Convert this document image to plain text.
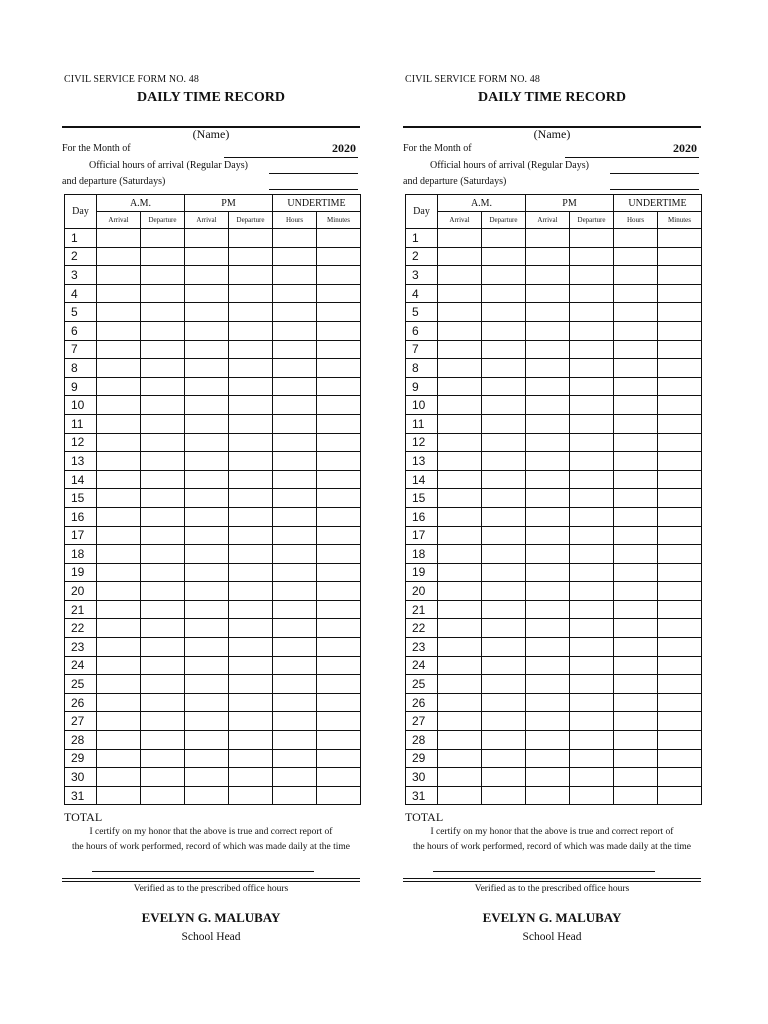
CIVIL SERVICE FORM NO. 48
DAILY TIME RECORD
(Name)
For the Month of	2020
Official hours of arrival (Regular Days)
and departure (Saturdays)
Day	A.M.		PM		UNDERTIME	
	Arrival	Departure	Arrival	Departure	Hours	Minutes
1						
2						
3						
4						
5						
6						
7						
8						
9						
10						
11						
12						
13						
14						
15						
16						
17						
18						
19						
20						
21						
22						
23						
24						
25						
26						
27						
28						
29						
30						
31						
TOTAL
I certify on my honor that the above is true and correct report of
the hours of work performed, record of which was made daily at the time
Verified as to the prescribed office hours
EVELYN G. MALUBAY
School Head
CIVIL SERVICE FORM NO. 48
DAILY TIME RECORD
(Name)
For the Month of	2020
Official hours of arrival (Regular Days)
and departure (Saturdays)
Day	A.M.		PM		UNDERTIME	
	Arrival	Departure	Arrival	Departure	Hours	Minutes
1						
2						
3						
4						
5						
6						
7						
8						
9						
10						
11						
12						
13						
14						
15						
16						
17						
18						
19						
20						
21						
22						
23						
24						
25						
26						
27						
28						
29						
30						
31						
TOTAL
I certify on my honor that the above is true and correct report of
the hours of work performed, record of which was made daily at the time
Verified as to the prescribed office hours
EVELYN G. MALUBAY
School Head
